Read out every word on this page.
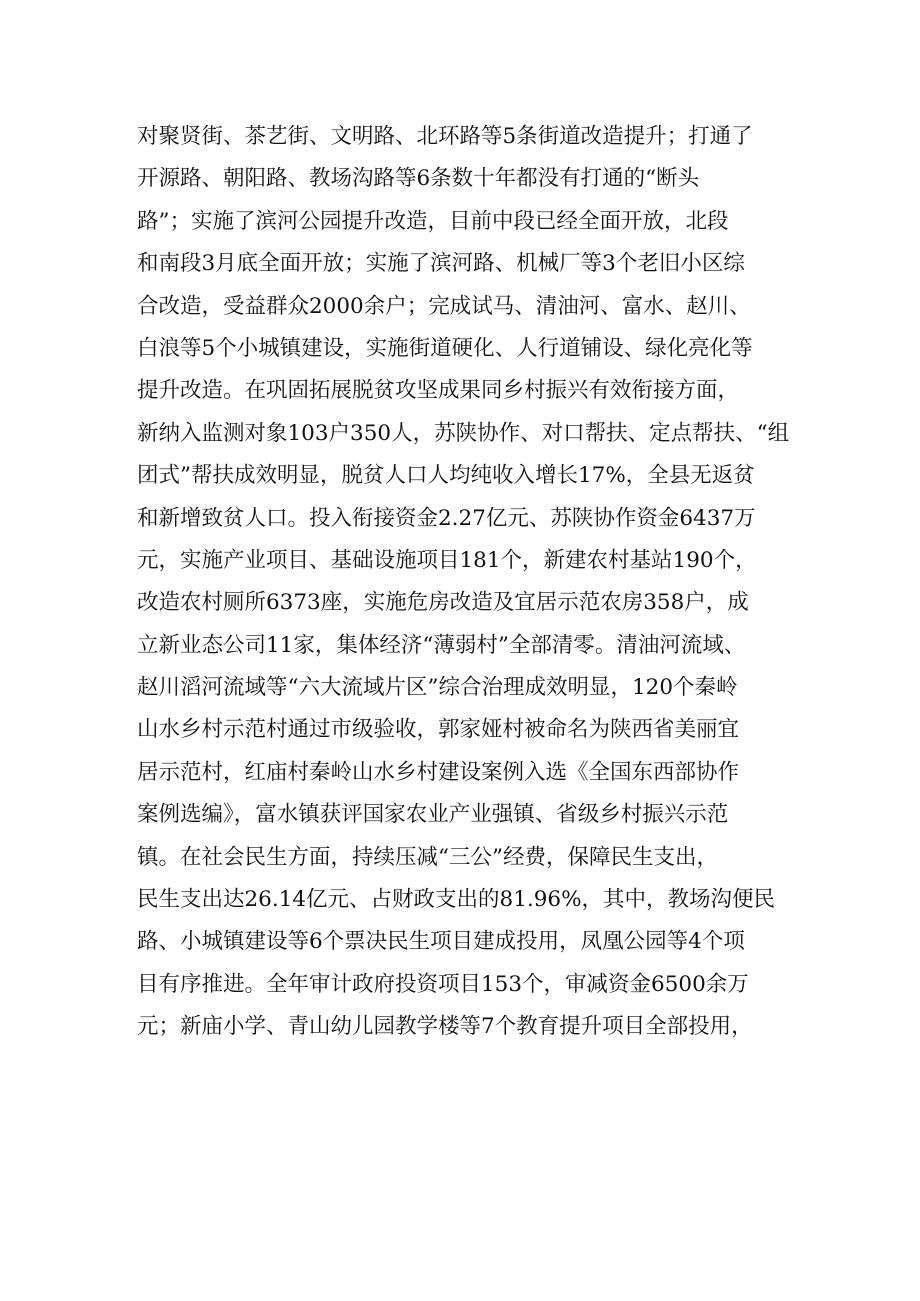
对聚贤街、茶艺街、文明路、北环路等5条街道改造提升；打通了
开源路、朝阳路、教场沟路等6条数十年都没有打通的“断头
路”；实施了滨河公园提升改造，目前中段已经全面开放，北段
和南段3月底全面开放；实施了滨河路、机械厂等3个老旧小区综
合改造，受益群众2000余户；完成试马、清油河、富水、赵川、
白浪等5个小城镇建设，实施街道硬化、人行道铺设、绿化亮化等
提升改造。在巩固拓展脱贫攻坚成果同乡村振兴有效衔接方面，
新纳入监测对象103户350人，苏陕协作、对口帮扶、定点帮扶、“组
团式”帮扶成效明显，脱贫人口人均纯收入增长17%，全县无返贫
和新增致贫人口。投入衔接资金2.27亿元、苏陕协作资金6437万
元，实施产业项目、基础设施项目181个，新建农村基站190个，
改造农村厕所6373座，实施危房改造及宜居示范农房358户，成
立新业态公司11家，集体经济“薄弱村”全部清零。清油河流域、
赵川滔河流域等“六大流域片区”综合治理成效明显，120个秦岭
山水乡村示范村通过市级验收，郭家娅村被命名为陕西省美丽宜
居示范村，红庙村秦岭山水乡村建设案例入选《全国东西部协作
案例选编》，富水镇获评国家农业产业强镇、省级乡村振兴示范
镇。在社会民生方面，持续压减“三公”经费，保障民生支出，
民生支出达26.14亿元、占财政支出的81.96%，其中，教场沟便民
路、小城镇建设等6个票决民生项目建成投用，凤凰公园等4个项
目有序推进。全年审计政府投资项目153个，审减资金6500余万
元；新庙小学、青山幼儿园教学楼等7个教育提升项目全部投用，
